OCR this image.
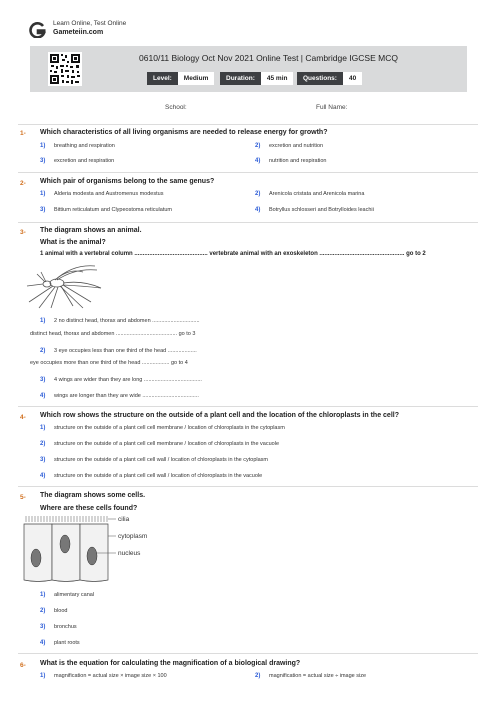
Learn Online, Test Online
Gameteiin.com
0610/11 Biology Oct Nov 2021 Online Test | Cambridge IGCSE MCQ
Level: Medium	Duration: 45 min	Questions: 40
School:	Full Name:
1- Which characteristics of all living organisms are needed to release energy for growth?
1) breathing and respiration	2) excretion and nutrition
3) excretion and respiration	4) nutrition and respiration
2- Which pair of organisms belong to the same genus?
1) Alderia modesta and Austromenus modestus	2) Arenicola cristata and Arenicola marina
3) Bittium reticulatum and Clypeostoma reticulatum	4) Botryllus schlosseri and Botrylloides leachii
3- The diagram shows an animal.
What is the animal?
1 animal with a vertebral column ............................................ vertebrate animal with an exoskeleton ................................................... go to 2
1) 2 no distinct head, thorax and abdomen ...............................
distinct head, thorax and abdomen ........................................ go to 3
2) 3 eye occupies less than one third of the head ...................
eye occupies more than one third of the head .................. go to 4
3) 4 wings are wider than they are long ......................................
4) wings are longer than they are wide .....................................
4- Which row shows the structure on the outside of a plant cell and the location of the chloroplasts in the cell?
1) structure on the outside of a plant cell cell membrane / location of chloroplasts in the cytoplasm
2) structure on the outside of a plant cell cell membrane / location of chloroplasts in the vacuole
3) structure on the outside of a plant cell cell wall / location of chloroplasts in the cytoplasm
4) structure on the outside of a plant cell cell wall / location of chloroplasts in the vacuole
5- The diagram shows some cells.
Where are these cells found?
cilia
cytoplasm
nucleus
1) alimentary canal
2) blood
3) bronchus
4) plant roots
6- What is the equation for calculating the magnification of a biological drawing?
1) magnification = actual size × image size × 100	2) magnification = actual size ÷ image size
